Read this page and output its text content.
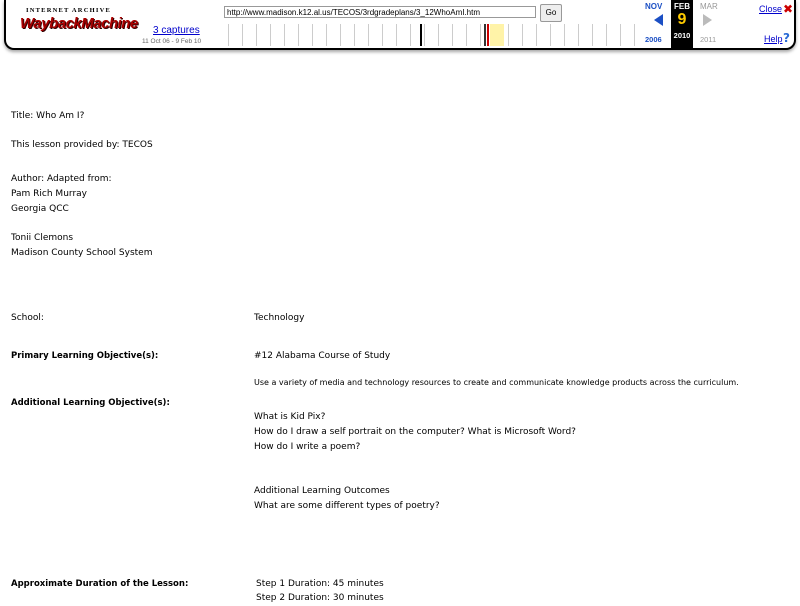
INTERNET ARCHIVE
WaybackMachine 3 captures
11 Oct 06 - 9 Feb 10
http://www.madison.k12.al.us/TECOS/3rdgradeplans/3_12WhoAmI.htm	Go
NOV
2006
FEB
9
2010
MAR
2011
Close ✖
Help ?
Title: Who Am I?
This lesson provided by: TECOS
Author: Adapted from:
Pam Rich Murray
Georgia QCC
Tonii Clemons
Madison County School System
School:	Technology
Primary Learning Objective(s):	#12 Alabama Course of Study
Use a variety of media and technology resources to create and communicate knowledge products across the curriculum.
Additional Learning Objective(s):
What is Kid Pix?
How do I draw a self portrait on the computer? What is Microsoft Word?
How do I write a poem?
Additional Learning Outcomes
What are some different types of poetry?
Approximate Duration of the Lesson:	Step 1 Duration: 45 minutes
Step 2 Duration: 30 minutes
